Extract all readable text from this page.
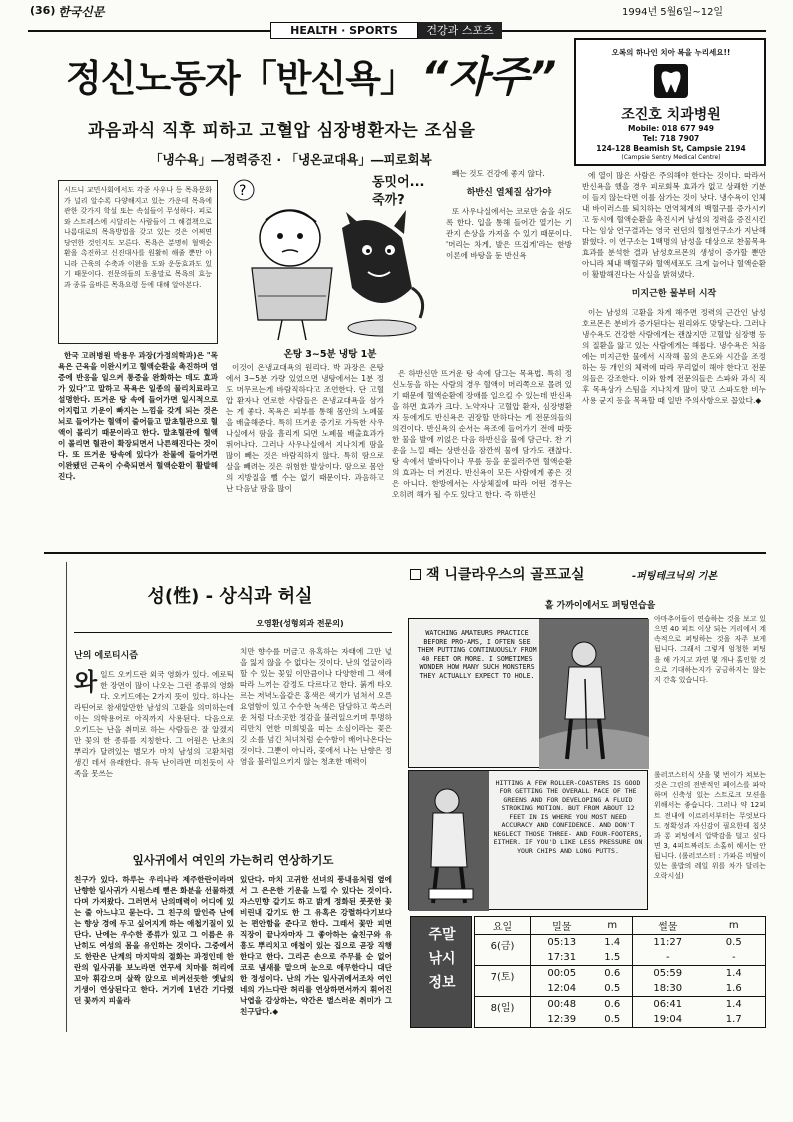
(36) 한국신문
HEALTH · SPORTS	건강과 스포츠
1994년 5월6일~12일
오복의 하나인 치아 복을 누리세요!!
조진호 치과병원
Mobile: 018 677 949
Tel: 718 7907
124-128 Beamish St, Campsie 2194
(Campsie Sentry Medical Centre)
정신노동자「반신욕」 “자주”
과음과식 직후 피하고 고혈압 심장병환자는 조심을
「냉수욕」―정력증진 · 「냉온교대욕」―피로회복
시드니 교민사회에서도 각종 사우나 등 목욕문화가 널리 알수록 다양해지고 있는 가운데 목욕에 관한 갖가지 학설 또는 속설들이 무성하다. 피로와 스트레스에 시달리는 사람들이 그 해결책으로 나름대로의 목욕방법을 갖고 있는 것은 어쩌면 당연한 것인지도 모른다. 목욕은 분명히 혈액순환을 촉진하고 신진대사를 원활히 해줄 뿐만 아니라 근육의 수축과 이완을 도와 운동효과도 있기 때문이다. 전문의들의 도움말로 목욕의 효능과 종류 올바른 목욕요령 등에 대해 알아본다.
?
동밋어... 죽까?
온탕 3~5분 냉탕 1분

한국 고려병원 박용우 과장(가정의학과)은 "목욕은 근육을 이완시키고 혈액순환을 촉진하며 염증에 반응을 일으켜 통증을 완화하는 데도 효과가 있다"고 말하고 목욕은 일종의 물리치료라고 설명한다. 뜨거운 탕 속에 들어가면 일시적으로 어지럽고 기운이 빠지는 느낌을 갖게 되는 것은 뇌로 들어가는 혈액이 줄어들고 말초혈관으로 혈액이 몰리기 때문이라고 한다. 말초혈관에 혈액이 몰리면 혈관이 확장되면서 나른해진다는 것이다. 또 뜨거운 탕속에 있다가 찬물에 들어가면 이완됐던 근육이 수축되면서 혈액순환이 활발해진다.

이것이 온냉교대욕의 원리다. 박 과장은 온탕에서 3~5분 가량 있었으면 냉탕에서는 1분 정도 머무르는게 바람직하다고 조언한다. 단 고혈압 환자나 연로한 사람들은 온냉교대욕을 삼가는 게 좋다. 목욕은 피부를 통해 몸안의 노폐물을 배출해준다. 특히 뜨거운 증기로 가득한 사우나실에서 땀을 흘리게 되면 노폐물 배출효과가 뛰어나다. 그러나 사우나실에서 지나치게 땀을 많이 빼는 것은 바람직하지 않다. 특히 땀으로 살을 빼려는 것은 위험한 발상이다. 땀으로 몸안의 지방질을 뺄 수는 없기 때문이다. 과음하고 난 다음날 땀을 많이

빼는 것도 건강에 좋지 않다.

하반신 열체질 삼가야

또 사우나실에서는 코로만 숨을 쉬도록 한다. 입을 통해 들어간 열기는 기관지 손상을 가져올 수 있기 때문이다. '머리는 차게, 발은 뜨겁게'라는 한방이론에 바탕을 둔 반신욕

은 하반신만 뜨거운 탕 속에 담그는 목욕법. 특히 정신노동을 하는 사람의 경우 혈액이 머리쪽으로 몰려 있기 때문에 혈액순환에 장애를 일으킬 수 있는데 반신욕을 하면 효과가 크다. 노약자나 고혈압 환자, 심장병환자 등에게도 반신욕은 권장할 만하다는 게 전문의들의 의견이다. 반신욕의 순서는 욕조에 들어가기 전에 따뜻한 물을 발에 끼얹은 다음 하반신을 물에 담근다. 찬 기운을 느낄 때는 상반신을 잠깐씩 물에 담가도 괜찮다. 탕 속에서 발바닥이나 무릎 등을 문질러주면 혈액순환의 효과는 더 커진다. 반신욕이 모든 사람에게 좋은 것은 아니다. 한방에서는 사상체질에 따라 어떤 경우는 오히려 해가 될 수도 있다고 한다. 즉 하반신

에 열이 많은 사람은 주의해야 한다는 것이다. 따라서 반신욕을 했을 경우 피로회복 효과가 없고 상쾌한 기분이 들지 않는다면 이를 삼가는 것이 낫다. 냉수욕이 인체내 바이러스를 퇴치하는 면역체계의 백혈구를 증가시키고 동시에 혈액순환을 촉진시켜 남성의 정력을 증진시킨다는 임상 연구결과는 영국 런던의 혈청연구소가 지난해 밝혔다. 이 연구소는 1백명의 남성을 대상으로 찬물목욕 효과를 분석한 결과 남성호르몬의 생성이 증가할 뿐만 아니라 체내 백혈구와 혈액세포도 크게 늘어나 혈액순환이 활발해진다는 사실을 밝혀냈다.

미지근한 물부터 시작

이는 남성의 고환을 차게 해주면 정력의 근간인 남성호르몬은 분비가 증가된다는 원리와도 맞닿는다. 그러나 냉수욕도 건강한 사람에게는 괜찮지만 고혈압 심장병 등의 질환을 앓고 있는 사람에게는 해롭다. 냉수욕은 처음에는 미지근한 물에서 시작해 물의 온도와 시간을 조정하는 등 개인의 체력에 따라 무리없이 해야 한다고 전문의들은 강조한다. 이와 함께 전문의들은 스파와 과식 직후 목욕상가 스팀을 지나치게 많이 맞고 스파도한 비누사용 균지 등을 목욕할 때 일반 주의사항으로 꼽았다.◆

성(性) - 상식과 허실
오영환(성형외과 전문의)
난의 에로티시즘
와 일드 오키드란 외국 영화가 있다. 에로틱한 장면이 많이 나오는 그런 종류의 영화다. 오키드에는 2가지 뜻이 있다. 하나는 라틴어로 참새알만한 남성의 고환을 의미하는데 이는 의학용어로 아직까지 사용된다. 다음으로 오키드는 난을 취미로 하는 사람들은 잘 알겠지만 꽃의 한 종류를 지칭한다. 그 어원은 난초의 뿌리가 달려있는 별모가 마치 남성의 고환처럼 생긴 데서 유래한다. 유독 난이라면 미친듯이 사족을 못쓰는
치만 향수를 머금고 유혹하는 자태에 그만 넋을 잃지 않을 수 없다는 것이다. 난의 얼굴이라 할 수 있는 꽃잎 이만큼이나 다양한데 그 색에 따라 느끼는 감정도 다르다고 한다. 붉게 타오르는 저녁노을같은 홍색은 색기가 넘쳐서 오른 요염함이 있고 수수한 녹색은 담담하고 쑥스러운 처럼 다소곳한 정감을 불러일으키며 투명하리만치 연한 미희빛을 띠는 소심이라는 꽃은 깃 소를 넘긴 처녀처럼 순수함이 배어나온다는 것이다. 그뿐이 아니라, 꽃에서 나는 난향은 정염을 불러일으키지 않는 청초한 매력이
잎사귀에서 여인의 가는허리 연상하기도
친구가 있다. 하루는 우리나라 제주한란이라며 난향한 일사귀가 시원스레 뻗은 화분을 선물하겠다며 가져왔다. 그러면서 난의매력이 어디에 있는 줄 아느냐고 묻는다. 그 친구의 말인즉 난에는 향상 경에 두고 싶어지게 하는 애첩기질이 있단다. 난에는 우수한 종류가 있고 그 이름은 유난히도 여성의 몸을 유인하는 것이다. 그중에서도 한란은 난계의 마지막의 절화는 과정인데 한란의 일사귀를 보노라면 연꾸세 치마를 허리에 꼬아 휘감으며 살짝 앉으로 비켜선듯한 옛날의 기생이 연상된다고 한다. 거기에 1년간 기다렸던 꽃까지 피울라
있단다. 마치 고귀한 선녀의 풍내음처럼 옆에서 그 은은한 기운을 느낄 수 있다는 것이다. 자스민향 같기도 하고 밝게 정화된 풋풋한 꽃비린내 같기도 한 그 유혹은 강렬하다기보다는 편안함을 준다고 한다. 그래서 꽃만 피면 직장이 끝나자마자 그 좋아하는 술친구와 유흥도 뿌리치고 애첩이 있는 집으로 곧장 직행한다고 한다. 그리곤 손으로 주무를 순 없어 코로 냄새를 맡으며 눈으로 애무한다니 대단한 정성이다. 난의 가는 일사귀에서조차 여인네의 가느다란 허리를 연상하면서까지 휘어진 낙엽을 감상하는, 약간은 별스러운 취미가 그 친구답다.◆
잭 니클라우스의 골프교실	-퍼팅테크닉의 기본
홀 가까이에서도 퍼팅연습을
WATCHING AMATEURS PRACTICE BEFORE PRO-AMS, I OFTEN SEE THEM PUTTING CONTINUOUSLY FROM 40 FEET OR MORE. I SOMETIMES WONDER HOW MANY SUCH MONSTERS THEY ACTUALLY EXPECT TO HOLE.
HITTING A FEW ROLLER-COASTERS IS GOOD FOR GETTING THE OVERALL PACE OF THE GREENS AND FOR DEVELOPING A FLUID STROKING MOTION. BUT FROM ABOUT 12 FEET IN IS WHERE YOU MOST NEED ACCURACY AND CONFIDENCE. AND DON'T NEGLECT THOSE THREE- AND FOUR-FOOTERS, EITHER. IF YOU'D LIKE LESS PRESSURE ON YOUR CHIPS AND LONG PUTTS.
아마추어들이 연습하는 것을 보고 있으면 40 피트 이상 되는 거리에서 계속적으로 퍼팅하는 것을 자주 보게 됩니다. 그래서 그렇게 엄청한 퍼팅을 해 가지고 과연 몇 개나 홀인할 것으로 기대하는지가 궁금하지는 않는지 간혹 있습니다.
롤러코스터식 샷을 몇 번이가 쳐보는 것은 그린의 전반적인 페이스를 파악하며 신축성 있는 스트로크 모션을 위해서는 좋습니다. 그러나 약 12피트 전내에 이르러서부터는 무엇보다도 정확성과 자신감이 필요한데 칩샷과 롱 퍼팅에서 압박감을 덜고 싶다면 3, 4피트짜리도 소홀히 해서는 안됩니다. (롤러코스터 : 가파른 비탈이 있는 롤밥의 레일 위를 차가 달리는 오락시설)
주말 낚시 정보
요일	밀물	m	썰물	m
6(금)	05:13	1.4	11:27	0.5
	17:31	1.5	-	-
7(토)	00:05	0.6	05:59	1.4
	12:04	0.5	18:30	1.6
8(일)	00:48	0.6	06:41	1.4
	12:39	0.5	19:04	1.7
